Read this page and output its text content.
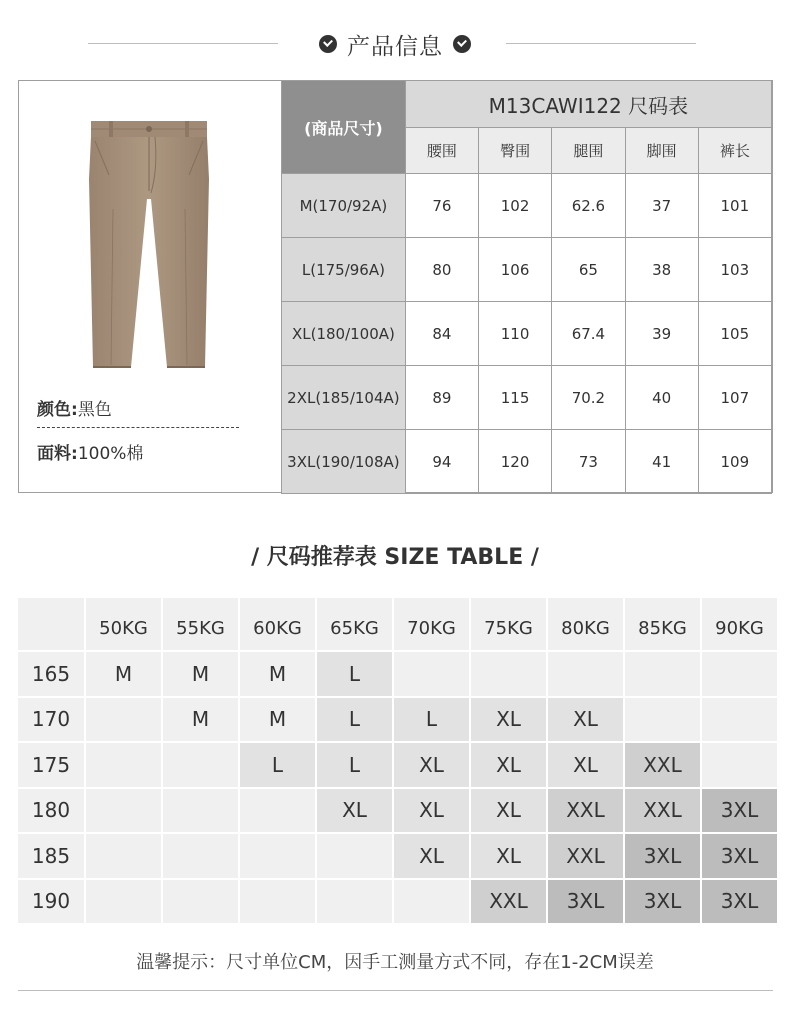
产品信息
颜色:黑色
面料:100%棉
(商品尺寸)	M13CAWI122 尺码表				
	腰围	臀围	腿围	脚围	裤长
M(170/92A)	76	102	62.6	37	101
L(175/96A)	80	106	65	38	103
XL(180/100A)	84	110	67.4	39	105
2XL(185/104A)	89	115	70.2	40	107
3XL(190/108A)	94	120	73	41	109
/ 尺码推荐表 SIZE TABLE /
	50KG	55KG	60KG	65KG	70KG	75KG	80KG	85KG	90KG
165	M	M	M	L					
170		M	M	L	L	XL	XL		
175			L	L	XL	XL	XL	XXL	
180				XL	XL	XL	XXL	XXL	3XL
185					XL	XL	XXL	3XL	3XL
190						XXL	3XL	3XL	3XL
温馨提示：尺寸单位CM，因手工测量方式不同，存在1-2CM误差
